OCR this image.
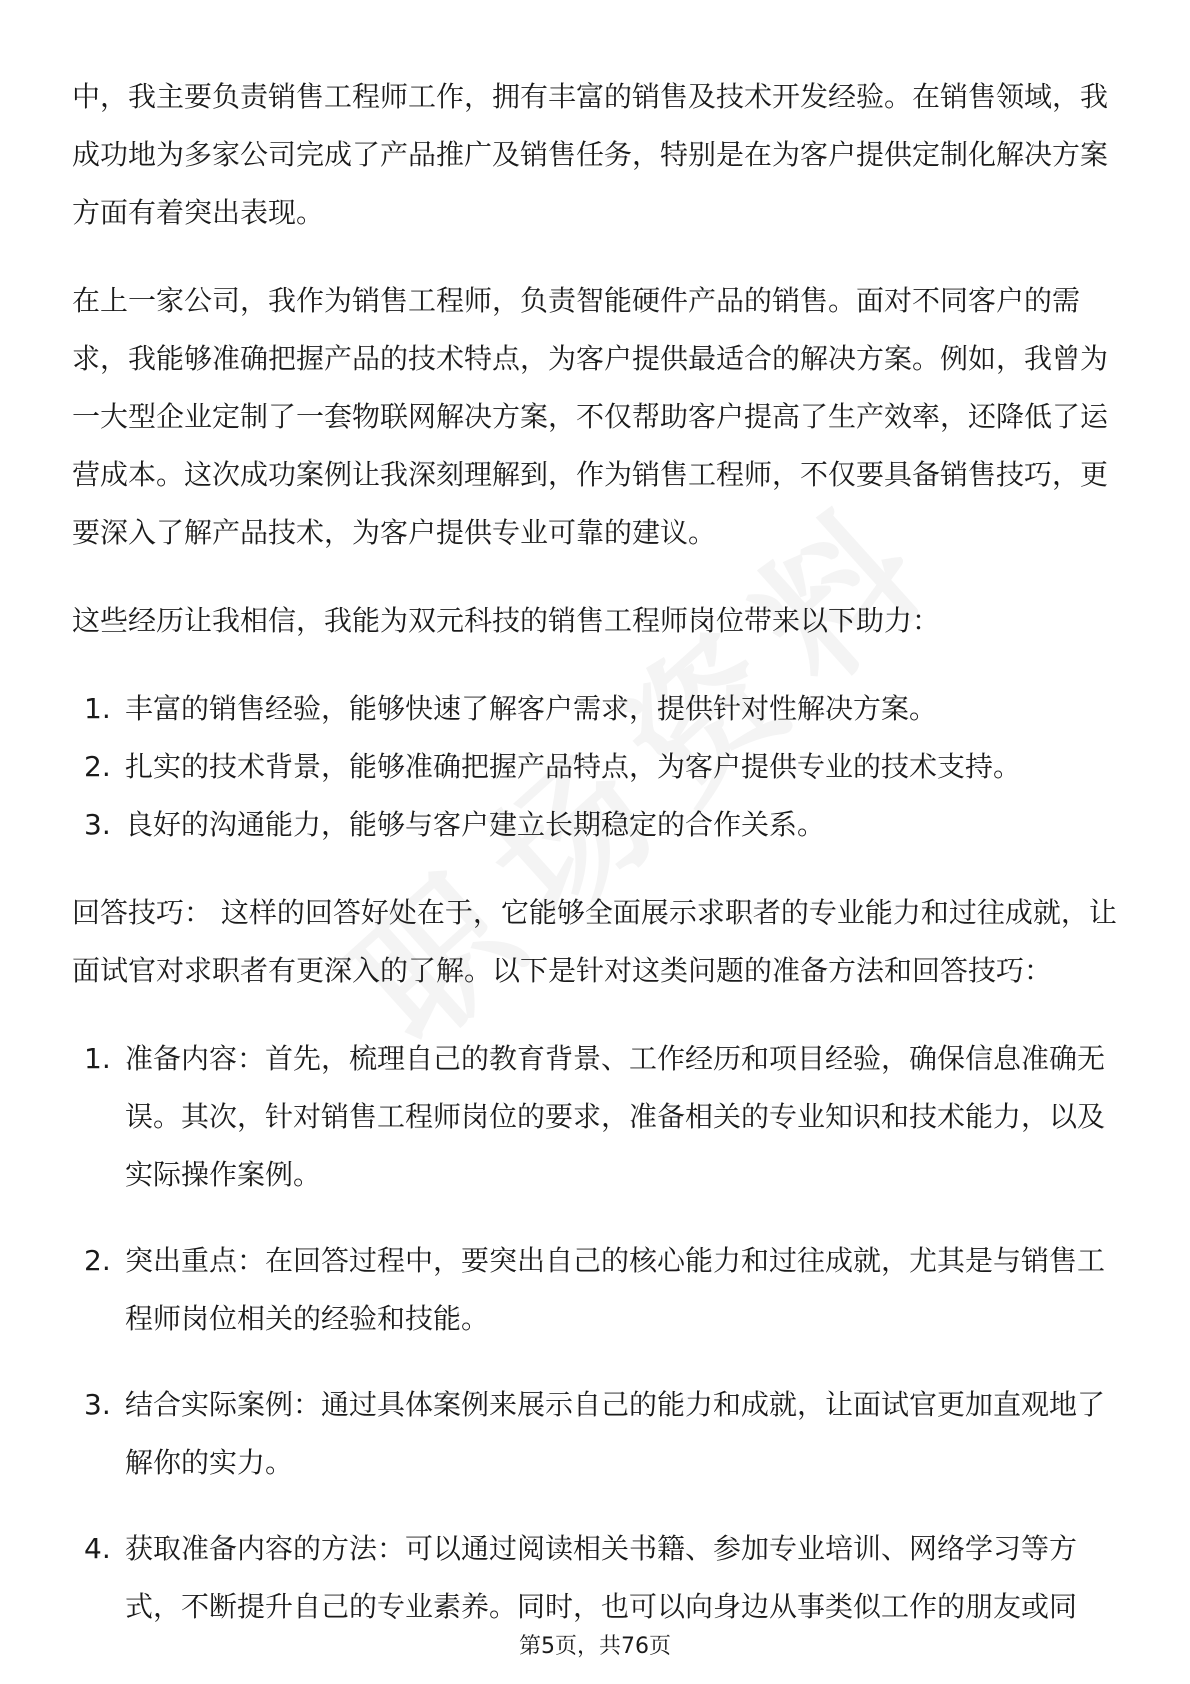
中，我主要负责销售工程师工作，拥有丰富的销售及技术开发经验。在销售领域，我成功地为多家公司完成了产品推广及销售任务，特别是在为客户提供定制化解决方案方面有着突出表现。

在上一家公司，我作为销售工程师，负责智能硬件产品的销售。面对不同客户的需求，我能够准确把握产品的技术特点，为客户提供最适合的解决方案。例如，我曾为一大型企业定制了一套物联网解决方案，不仅帮助客户提高了生产效率，还降低了运营成本。这次成功案例让我深刻理解到，作为销售工程师，不仅要具备销售技巧，更要深入了解产品技术，为客户提供专业可靠的建议。

这些经历让我相信，我能为双元科技的销售工程师岗位带来以下助力：

1. 丰富的销售经验，能够快速了解客户需求，提供针对性解决方案。
2. 扎实的技术背景，能够准确把握产品特点，为客户提供专业的技术支持。
3. 良好的沟通能力，能够与客户建立长期稳定的合作关系。

回答技巧： 这样的回答好处在于，它能够全面展示求职者的专业能力和过往成就，让面试官对求职者有更深入的了解。以下是针对这类问题的准备方法和回答技巧：

1. 准备内容：首先，梳理自己的教育背景、工作经历和项目经验，确保信息准确无误。其次，针对销售工程师岗位的要求，准备相关的专业知识和技术能力，以及实际操作案例。
2. 突出重点：在回答过程中，要突出自己的核心能力和过往成就，尤其是与销售工程师岗位相关的经验和技能。
3. 结合实际案例：通过具体案例来展示自己的能力和成就，让面试官更加直观地了解你的实力。
4. 获取准备内容的方法：可以通过阅读相关书籍、参加专业培训、网络学习等方式，不断提升自己的专业素养。同时，也可以向身边从事类似工作的朋友或同
第5页，共76页
